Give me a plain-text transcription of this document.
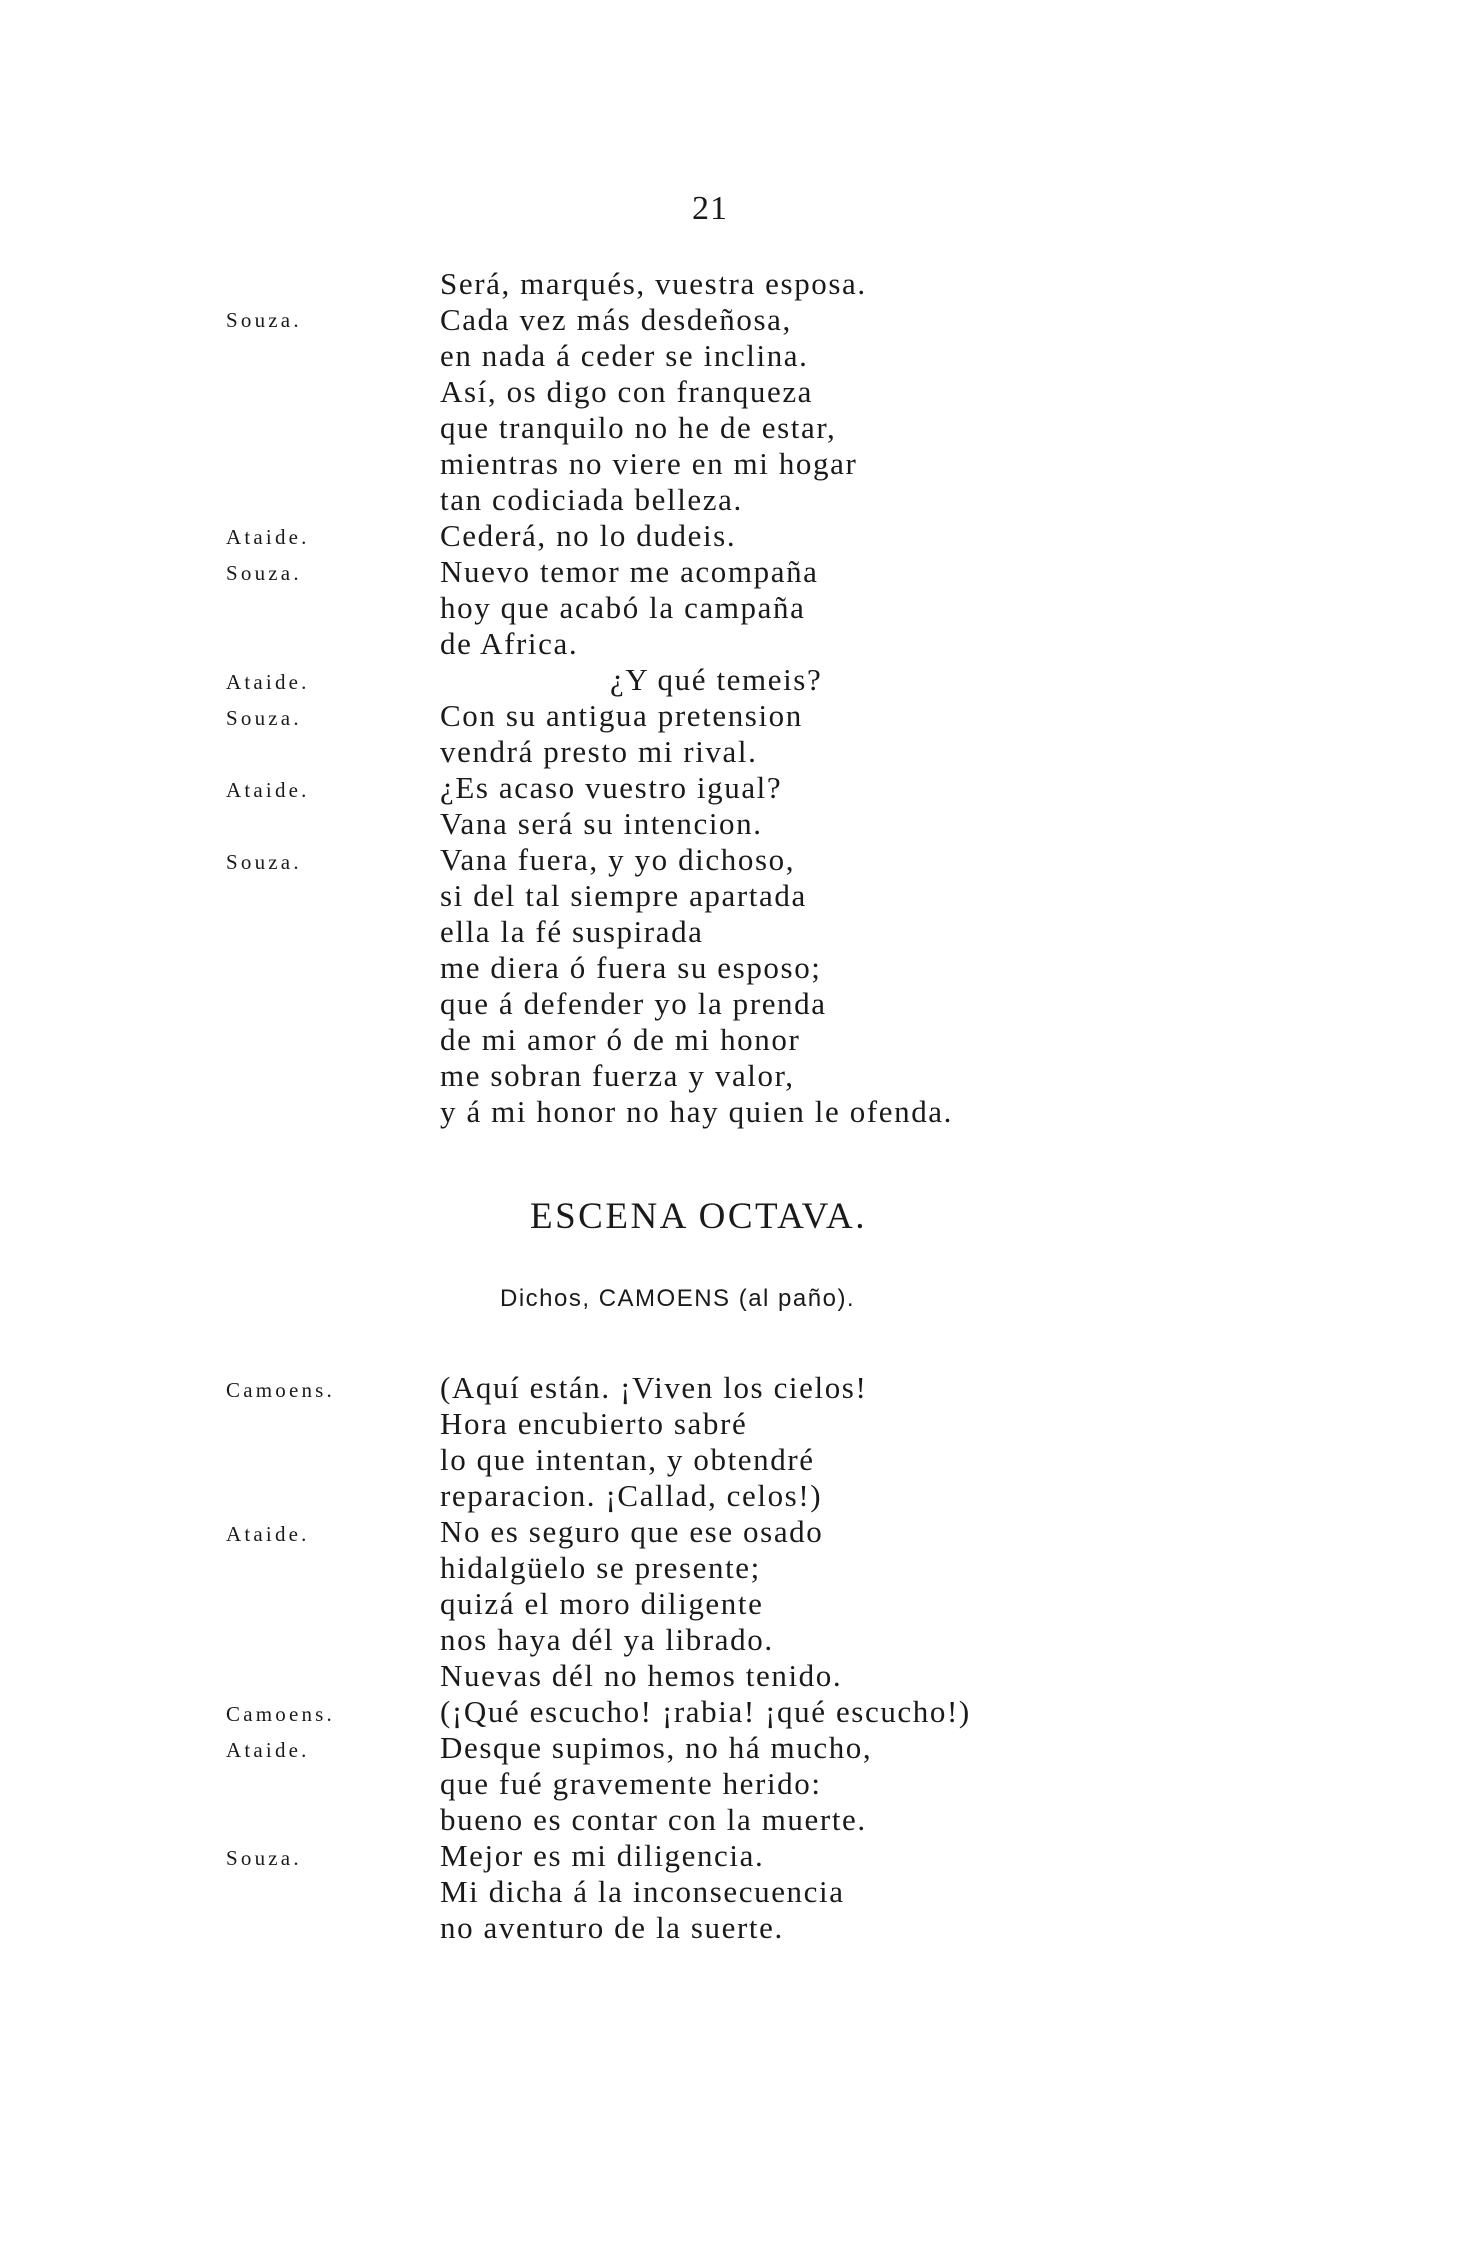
21
Souza.
Ataide.
Souza.
Ataide.
Souza.
Ataide.
Souza.
Será, marqués, vuestra esposa.
Cada vez más desdeñosa,
en nada á ceder se inclina.
Así, os digo con franqueza
que tranquilo no he de estar,
mientras no viere en mi hogar
tan codiciada belleza.
Cederá, no lo dudeis.
Nuevo temor me acompaña
hoy que acabó la campaña
de Africa.
¿Y qué temeis?
Con su antigua pretension
vendrá presto mi rival.
¿Es acaso vuestro igual?
Vana será su intencion.
Vana fuera, y yo dichoso,
si del tal siempre apartada
ella la fé suspirada
me diera ó fuera su esposo;
que á defender yo la prenda
de mi amor ó de mi honor
me sobran fuerza y valor,
y á mi honor no hay quien le ofenda.
ESCENA OCTAVA.
Dichos, CAMOENS (al paño).
Camoens.
Ataide.
Camoens.
Ataide.
Souza.
(Aquí están. ¡Viven los cielos!
Hora encubierto sabré
lo que intentan, y obtendré
reparacion. ¡Callad, celos!)
No es seguro que ese osado
hidalgüelo se presente;
quizá el moro diligente
nos haya dél ya librado.
Nuevas dél no hemos tenido.
(¡Qué escucho! ¡rabia! ¡qué escucho!)
Desque supimos, no há mucho,
que fué gravemente herido:
bueno es contar con la muerte.
Mejor es mi diligencia.
Mi dicha á la inconsecuencia
no aventuro de la suerte.
